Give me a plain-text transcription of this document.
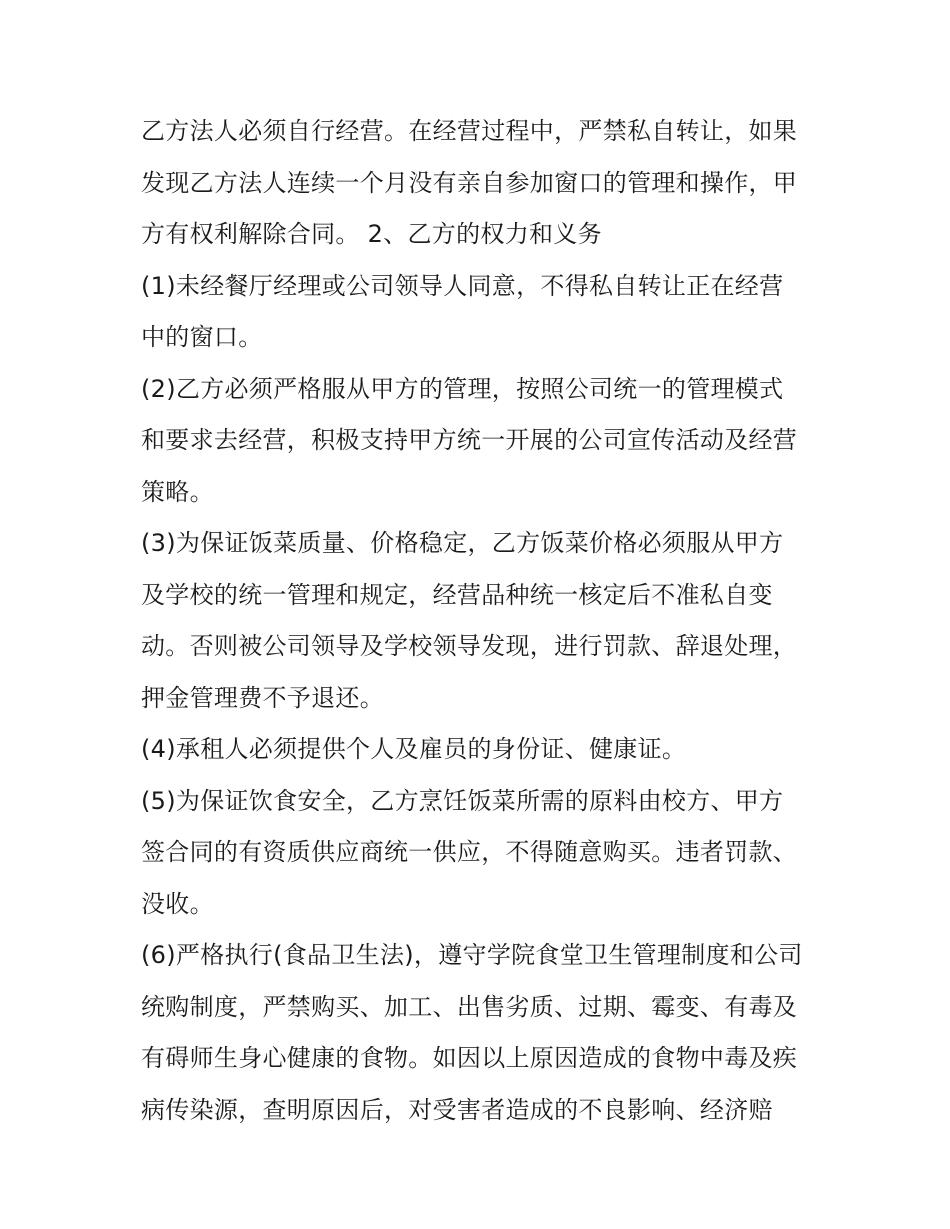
乙方法人必须自行经营。在经营过程中，严禁私自转让，如果
发现乙方法人连续一个月没有亲自参加窗口的管理和操作，甲
方有权利解除合同。 2、乙方的权力和义务
(1)未经餐厅经理或公司领导人同意，不得私自转让正在经营
中的窗口。
(2)乙方必须严格服从甲方的管理，按照公司统一的管理模式
和要求去经营，积极支持甲方统一开展的公司宣传活动及经营
策略。
(3)为保证饭菜质量、价格稳定，乙方饭菜价格必须服从甲方
及学校的统一管理和规定，经营品种统一核定后不准私自变
动。否则被公司领导及学校领导发现，进行罚款、辞退处理，
押金管理费不予退还。
(4)承租人必须提供个人及雇员的身份证、健康证。
(5)为保证饮食安全，乙方烹饪饭菜所需的原料由校方、甲方
签合同的有资质供应商统一供应，不得随意购买。违者罚款、
没收。
(6)严格执行(食品卫生法)，遵守学院食堂卫生管理制度和公司
统购制度，严禁购买、加工、出售劣质、过期、霉变、有毒及
有碍师生身心健康的食物。如因以上原因造成的食物中毒及疾
病传染源，查明原因后，对受害者造成的不良影响、经济赔
